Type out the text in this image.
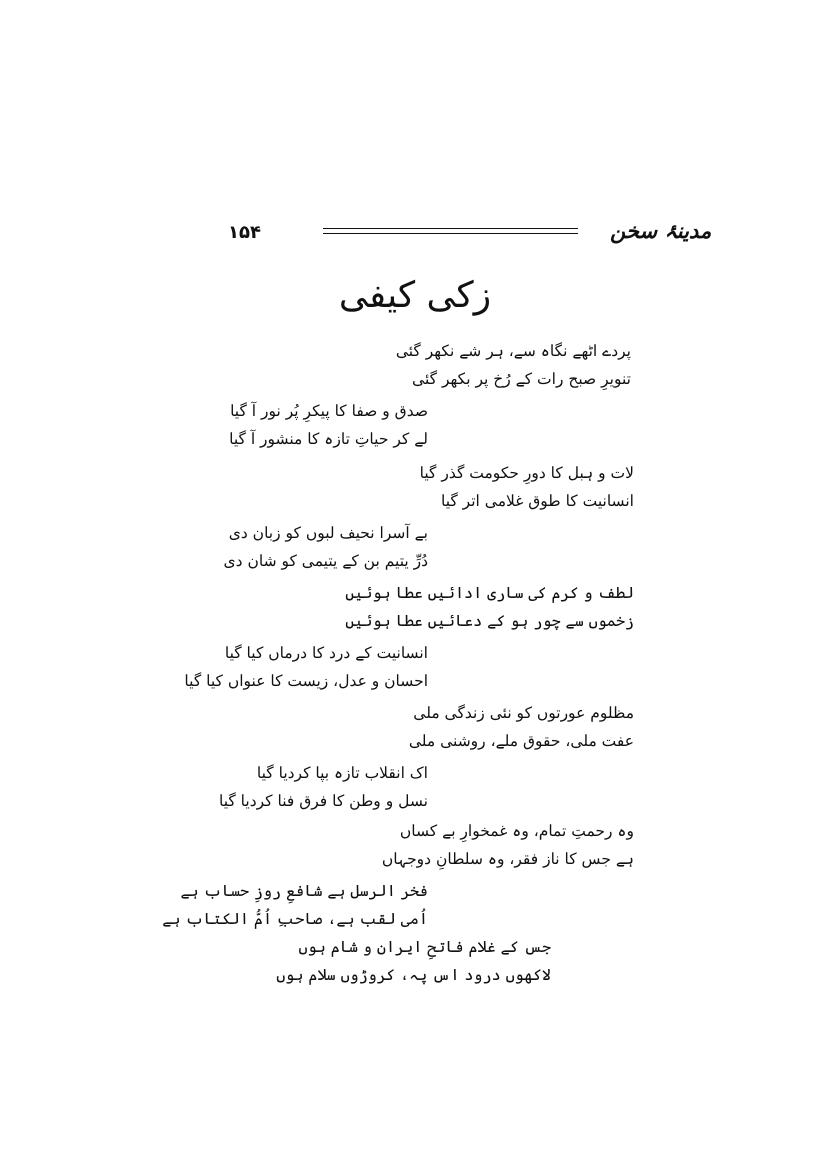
۱۵۴	مدینۂ سخن
زکی کیفی
پردے اٹھے نگاہ سے، ہر شے نکھر گئی
تنویرِ صبح رات کے رُخ پر بکھر گئی
صدق و صفا کا پیکرِ پُر نور آ گیا
لے کر حیاتِ تازہ کا منشور آ گیا
لات و ہبل کا دورِ حکومت گذر گیا
انسانیت کا طوق غلامی اتر گیا
بے آسرا نحیف لبوں کو زبان دی
دُرِّ یتیم بن کے یتیمی کو شان دی
لطف و کرم کی ساری ادائیں عطا ہوئیں
زخموں سے چور ہو کے دعائیں عطا ہوئیں
انسانیت کے درد کا درماں کیا گیا
احسان و عدل، زیست کا عنواں کیا گیا
مظلوم عورتوں کو نئی زندگی ملی
عفت ملی، حقوق ملے، روشنی ملی
اک انقلاب تازہ بپا کردیا گیا
نسل و وطن کا فرق فنا کردیا گیا
وہ رحمتِ تمام، وہ غمخوارِ بے کساں
ہے جس کا ناز فقر، وہ سلطانِ دوجہاں
فخر الرسل ہے شافعِ روزِ حساب ہے
اُمی لقب ہے، صاحبِ اُمُّ الکتاب ہے
جس کے غلام فاتحِ ایران و شام ہوں
لاکھوں درود اس پہ، کروڑوں سلام ہوں
